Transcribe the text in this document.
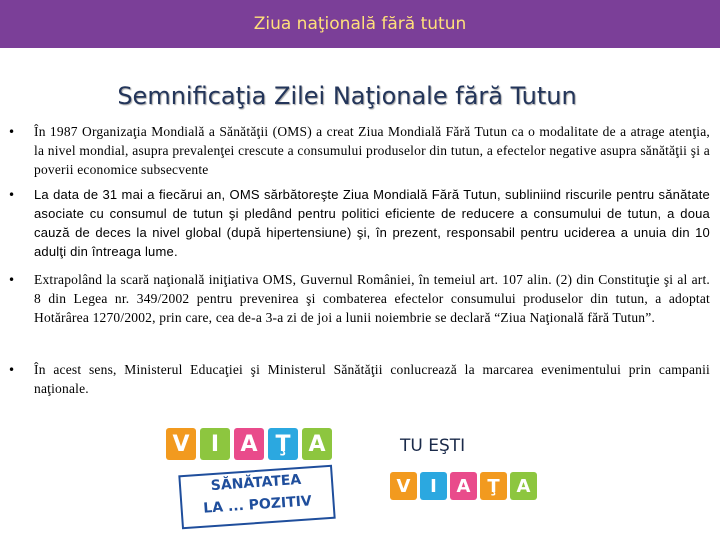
Ziua naţională fără tutun
Semnificaţia Zilei Naţionale fără Tutun
• În 1987 Organizaţia Mondială a Sănătăţii (OMS) a creat Ziua Mondială Fără Tutun ca o modalitate de a atrage atenţia, la nivel mondial, asupra prevalenţei crescute a consumului produselor din tutun, a efectelor negative asupra sănătăţii şi a poverii economice subsecvente
• La data de 31 mai a fiecărui an, OMS sărbătoreşte Ziua Mondială Fără Tutun, subliniind riscurile pentru sănătate asociate cu consumul de tutun şi pledând pentru politici eficiente de reducere a consumului de tutun, a doua cauză de deces la nivel global (după hipertensiune) şi, în prezent, responsabil pentru uciderea a unuia din 10 adulţi din întreaga lume.
• Extrapolând la scară naţională iniţiativa OMS, Guvernul României, în temeiul art. 107 alin. (2) din Constituţie şi al art. 8 din Legea nr. 349/2002 pentru prevenirea şi combaterea efectelor consumului produselor din tutun, a adoptat Hotărârea 1270/2002, prin care, cea de-a 3-a zi de joi a lunii noiembrie se declară “Ziua Naţională fără Tutun”.
• În acest sens, Ministerul Educaţiei şi Ministerul Sănătăţii conlucrează la marcarea evenimentului prin campanii naţionale.
V I A Ţ A
SĂNĂTATEA
LA ... POZITIV
TU EŞTI
V	I	A Ţ A
